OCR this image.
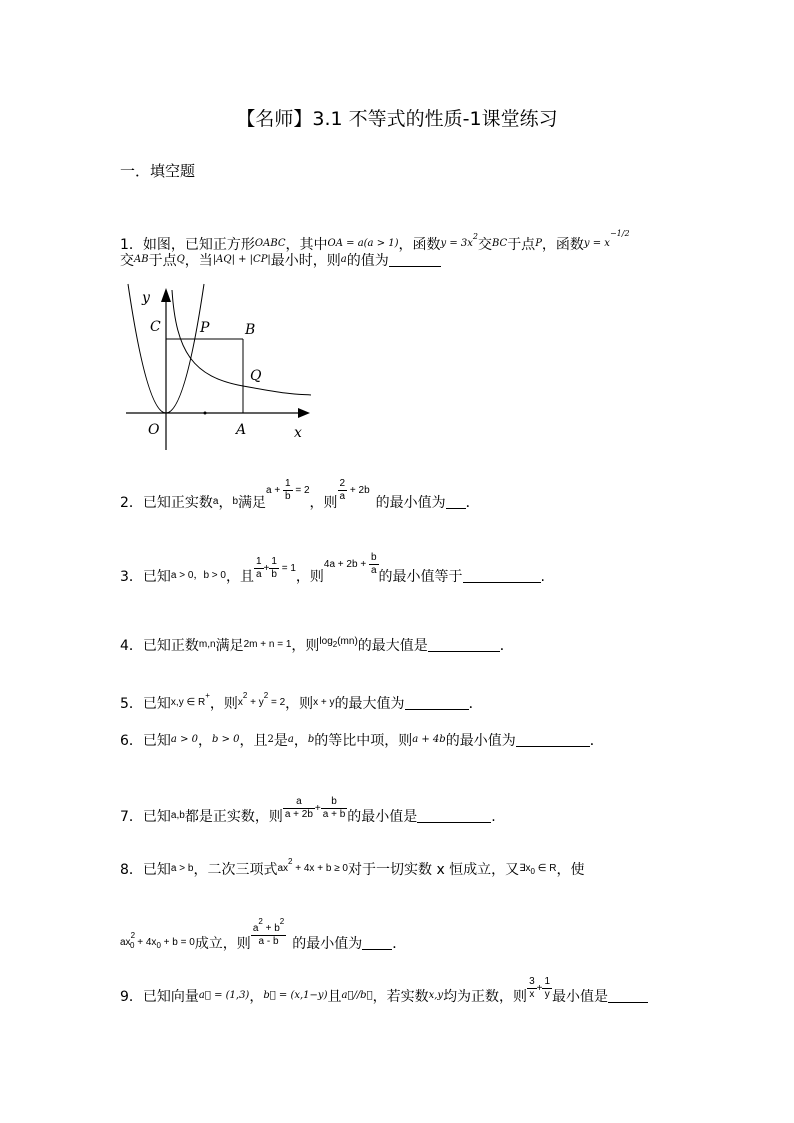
【名师】3.1 不等式的性质-1课堂练习
一．填空题
1．如图，已知正方形$^{OABC}$，其中$^{OA = a(a > 1)}$，函数$^{y = 3x^2}$交$^{BC}$于点$^P$，函数$^{y = x^{-1/2}}$
交$^{AB}$于点$^Q$，当$^{|AQ| + |CP|}$最小时，则$^a$的值为
y
C	P	B
Q
O	A	x
2．已知正实数$^a$，$^b$满足$a + \frac{1}{b} = 2$，则
$\frac{2}{a} + 2b$的最小值为 ．
3．已知$^{a > 0,b > 0}$，且 $\frac{1}{a} + \frac{1}{b} = 1$，则$4a + 2b + \frac{b}{a}$
的最小值等于	.
4．已知正数$^{m,n}$满足$^{2m + n = 1}$，则$^{log_2(mn)}$的最大值是	．
5．已知$^{x,y \in R^+}$，则$^{x^2 + y^2 = 2}$，则$^{x + y}$的最大值为	．
6．已知$^{a > 0}$，$^{b > 0}$，且$^2$是$^a$，$^b$的等比中项，则$^{a + 4b}$的最小值为	．
7．已知$^{a,b}$都是正实数，则 $\frac{a}{a + 2b} + \frac{b}{a + b}$ 的最小值是	.
8．已知$^{a > b}$，二次三项式$^{ax^2 + 4x + b \ge 0}$对于一切实数 x 恒成立，又$^{\exists x_0 \in R}$，使
$^{ax^2_0 + 4x_0 + b = 0}$成立，则 $\frac{a^2 + b^2}{a - b}$ 的最小值为 ．
9．已知向量$^{a⃗ = (1,3)}$，$^{b⃗ = (x,1-y)}$且$^{a⃗//b⃗}$，若实数$^{x,y}$均为正数，则 $\frac{3}{x} + \frac{1}{y}$ 最小值是
